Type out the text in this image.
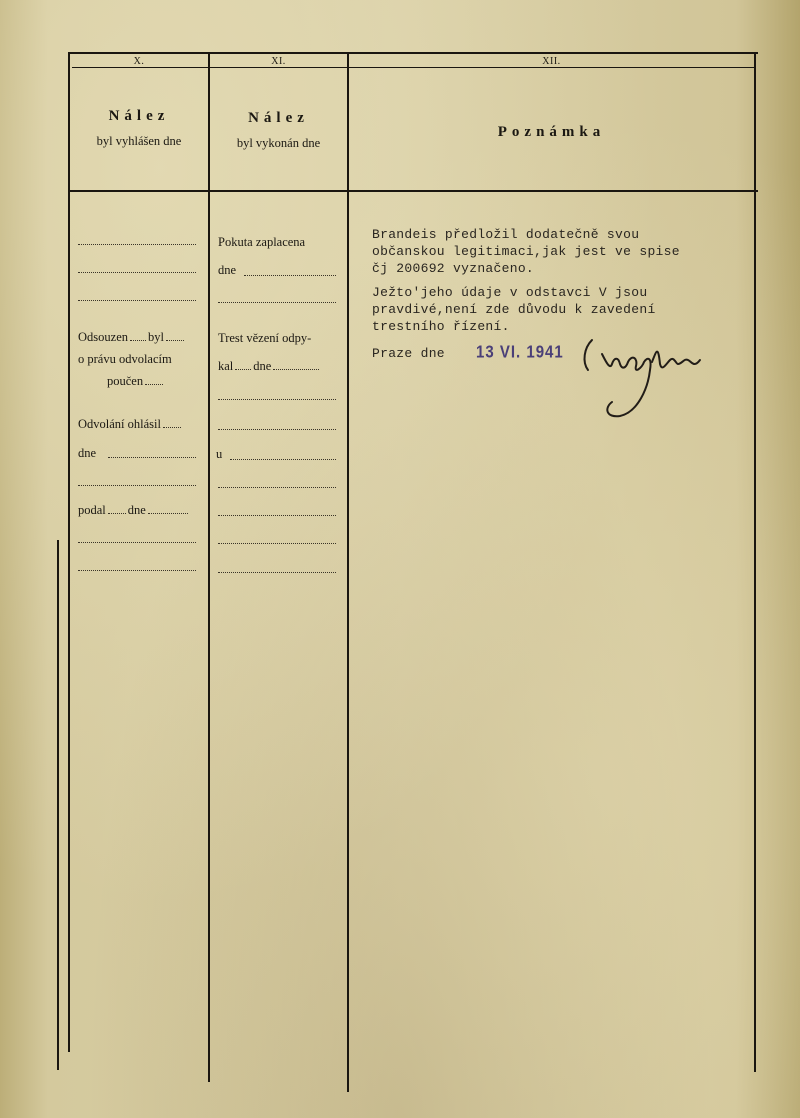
X.	XI.	XII.
Nález
byl vyhlášen dne
Nález
byl vykonán dne
Poznámka
Odsouzen byl
o právu odvolacím
poučen
Odvolání ohlásil
dne
podal dne
Pokuta zaplacena
dne
Trest vězení odpy-
kal dne
u
Brandeis předložil dodatečně svou
občanskou legitimaci,jak jest ve spise
čj 200692 vyznačeno.
Ježto'jeho údaje v odstavci V jsou
pravdivé,není zde důvodu k zavedení
trestního řízení.
Praze dne 13 VI. 1941
